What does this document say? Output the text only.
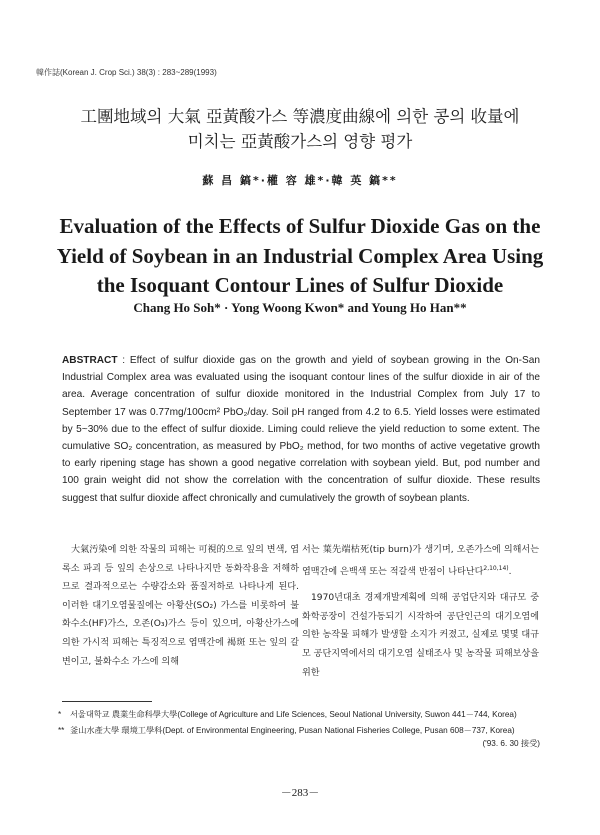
韓作誌(Korean J. Crop Sci.) 38(3) : 283~289(1993)
工團地域의 大氣 亞黃酸가스 等濃度曲線에 의한 콩의 收量에
미치는 亞黃酸가스의 영향 평가
蘇 昌 鎬*·權 容 雄*·韓 英 鎬**
Evaluation of the Effects of Sulfur Dioxide Gas on the
Yield of Soybean in an Industrial Complex Area Using
the Isoquant Contour Lines of Sulfur Dioxide
Chang Ho Soh* · Yong Woong Kwon* and Young Ho Han**
ABSTRACT : Effect of sulfur dioxide gas on the growth and yield of soybean growing in the On-San Industrial Complex area was evaluated using the isoquant contour lines of the sulfur dioxide in air of the area. Average concentration of sulfur dioxide monitored in the Industrial Complex from July 17 to September 17 was 0.77mg/100cm² PbO₂/day. Soil pH ranged from 4.2 to 6.5. Yield losses were estimated by 5~30% due to the effect of sulfur dioxide. Liming could relieve the yield reduction to some extent. The cumulative SO₂ concentration, as measured by PbO₂ method, for two months of active vegetative growth to early ripening stage has shown a good negative correlation with soybean yield. But, pod number and 100 grain weight did not show the correlation with the concentration of sulfur dioxide. These results suggest that sulfur dioxide affect chronically and cumulatively the growth of soybean plants.

大氣汚染에 의한 작물의 피해는 可視的으로 잎의 변색, 엽록소 파괴 등 잎의 손상으로 나타나지만 동화작용을 저해하므로 결과적으로는 수량감소와 품질저하로 나타나게 된다. 이러한 대기오염물질에는 아황산(SO₂) 가스를 비롯하여 불화수소(HF)가스, 오존(O₃)가스 등이 있으며, 아황산가스에 의한 가시적 피해는 특징적으로 엽맥간에 褐斑 또는 잎의 갈변이고, 불화수소 가스에 의해

서는 葉先端枯死(tip burn)가 생기며, 오존가스에 의해서는 엽맥간에 은백색 또는 적갈색 반점이 나타난다$^{2,10,14)}$.

1970년대초 경제개발계획에 의해 공업단지와 대규모 중화학공장이 건설가동되기 시작하여 공단인근의 대기오염에 의한 농작물 피해가 발생할 소지가 커졌고, 실제로 몇몇 대규모 공단지역에서의 대기오염 실태조사 및 농작물 피해보상을 위한

* 서울대학교 農業生命科學大學(College of Agriculture and Life Sciences, Seoul National University, Suwon 441－744, Korea)

** 釜山水產大學 環境工學科(Dept. of Environmental Engineering, Pusan National Fisheries College, Pusan 608－737, Korea)

('93. 6. 30 接受)

－283－
